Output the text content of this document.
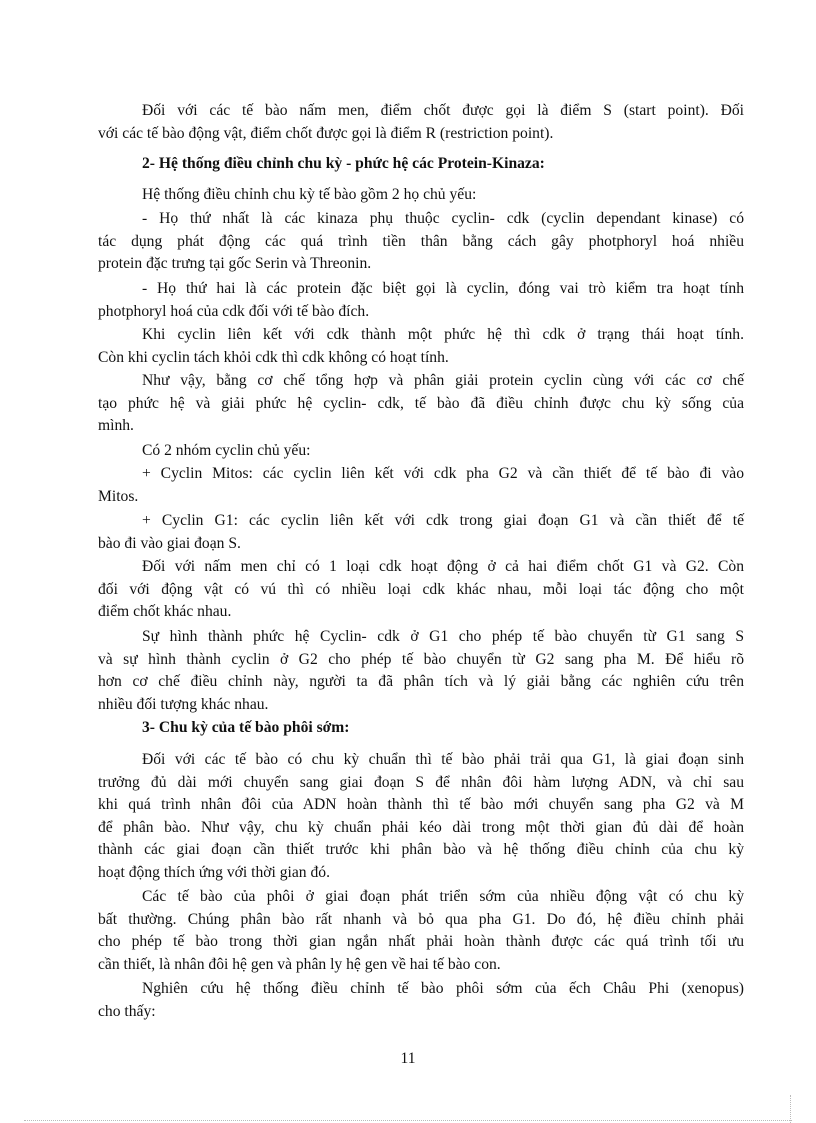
Đối với các tế bào nấm men, điểm chốt được gọi là điểm S (start point). Đối
với các tế bào động vật, điểm chốt được gọi là điểm R (restriction point).
2- Hệ thống điều chỉnh chu kỳ - phức hệ các Protein-Kinaza:
Hệ thống điều chỉnh chu kỳ tế bào gồm 2 họ chủ yếu:
- Họ thứ nhất là các kinaza phụ thuộc cyclin- cdk (cyclin dependant kinase) có
tác dụng phát động các quá trình tiền thân bằng cách gây photphoryl hoá nhiều
protein đặc trưng tại gốc Serin và Threonin.
- Họ thứ hai là các protein đặc biệt gọi là cyclin, đóng vai trò kiểm tra hoạt tính
photphoryl hoá của cdk đối với tế bào đích.
Khi cyclin liên kết với cdk thành một phức hệ thì cdk ở trạng thái hoạt tính.
Còn khi cyclin tách khỏi cdk thì cdk không có hoạt tính.
Như vậy, bằng cơ chế tổng hợp và phân giải protein cyclin cùng với các cơ chế
tạo phức hệ và giải phức hệ cyclin- cdk, tế bào đã điều chỉnh được chu kỳ sống của
mình.
Có 2 nhóm cyclin chủ yếu:
+ Cyclin Mitos: các cyclin liên kết với cdk pha G2 và cần thiết để tế bào đi vào
Mitos.
+ Cyclin G1: các cyclin liên kết với cdk trong giai đoạn G1 và cần thiết để tế
bào đi vào giai đoạn S.
Đối với nấm men chỉ có 1 loại cdk hoạt động ở cả hai điểm chốt G1 và G2. Còn
đối với động vật có vú thì có nhiều loại cdk khác nhau, mỗi loại tác động cho một
điểm chốt khác nhau.
Sự hình thành phức hệ Cyclin- cdk ở G1 cho phép tế bào chuyển từ G1 sang S
và sự hình thành cyclin ở G2 cho phép tế bào chuyển từ G2 sang pha M. Để hiểu rõ
hơn cơ chế điều chỉnh này, người ta đã phân tích và lý giải bằng các nghiên cứu trên
nhiều đối tượng khác nhau.
3- Chu kỳ của tế bào phôi sớm:
Đối với các tế bào có chu kỳ chuẩn thì tế bào phải trải qua G1, là giai đoạn sinh
trưởng đủ dài mới chuyển sang giai đoạn S để nhân đôi hàm lượng ADN, và chỉ sau
khi quá trình nhân đôi của ADN hoàn thành thì tế bào mới chuyển sang pha G2 và M
để phân bào. Như vậy, chu kỳ chuẩn phải kéo dài trong một thời gian đủ dài để hoàn
thành các giai đoạn cần thiết trước khi phân bào và hệ thống điều chỉnh của chu kỳ
hoạt động thích ứng với thời gian đó.
Các tế bào của phôi ở giai đoạn phát triển sớm của nhiều động vật có chu kỳ
bất thường. Chúng phân bào rất nhanh và bỏ qua pha G1. Do đó, hệ điều chỉnh phải
cho phép tế bào trong thời gian ngắn nhất phải hoàn thành được các quá trình tối ưu
cần thiết, là nhân đôi hệ gen và phân ly hệ gen về hai tế bào con.
Nghiên cứu hệ thống điều chỉnh tế bào phôi sớm của ếch Châu Phi (xenopus)
cho thấy:
11
